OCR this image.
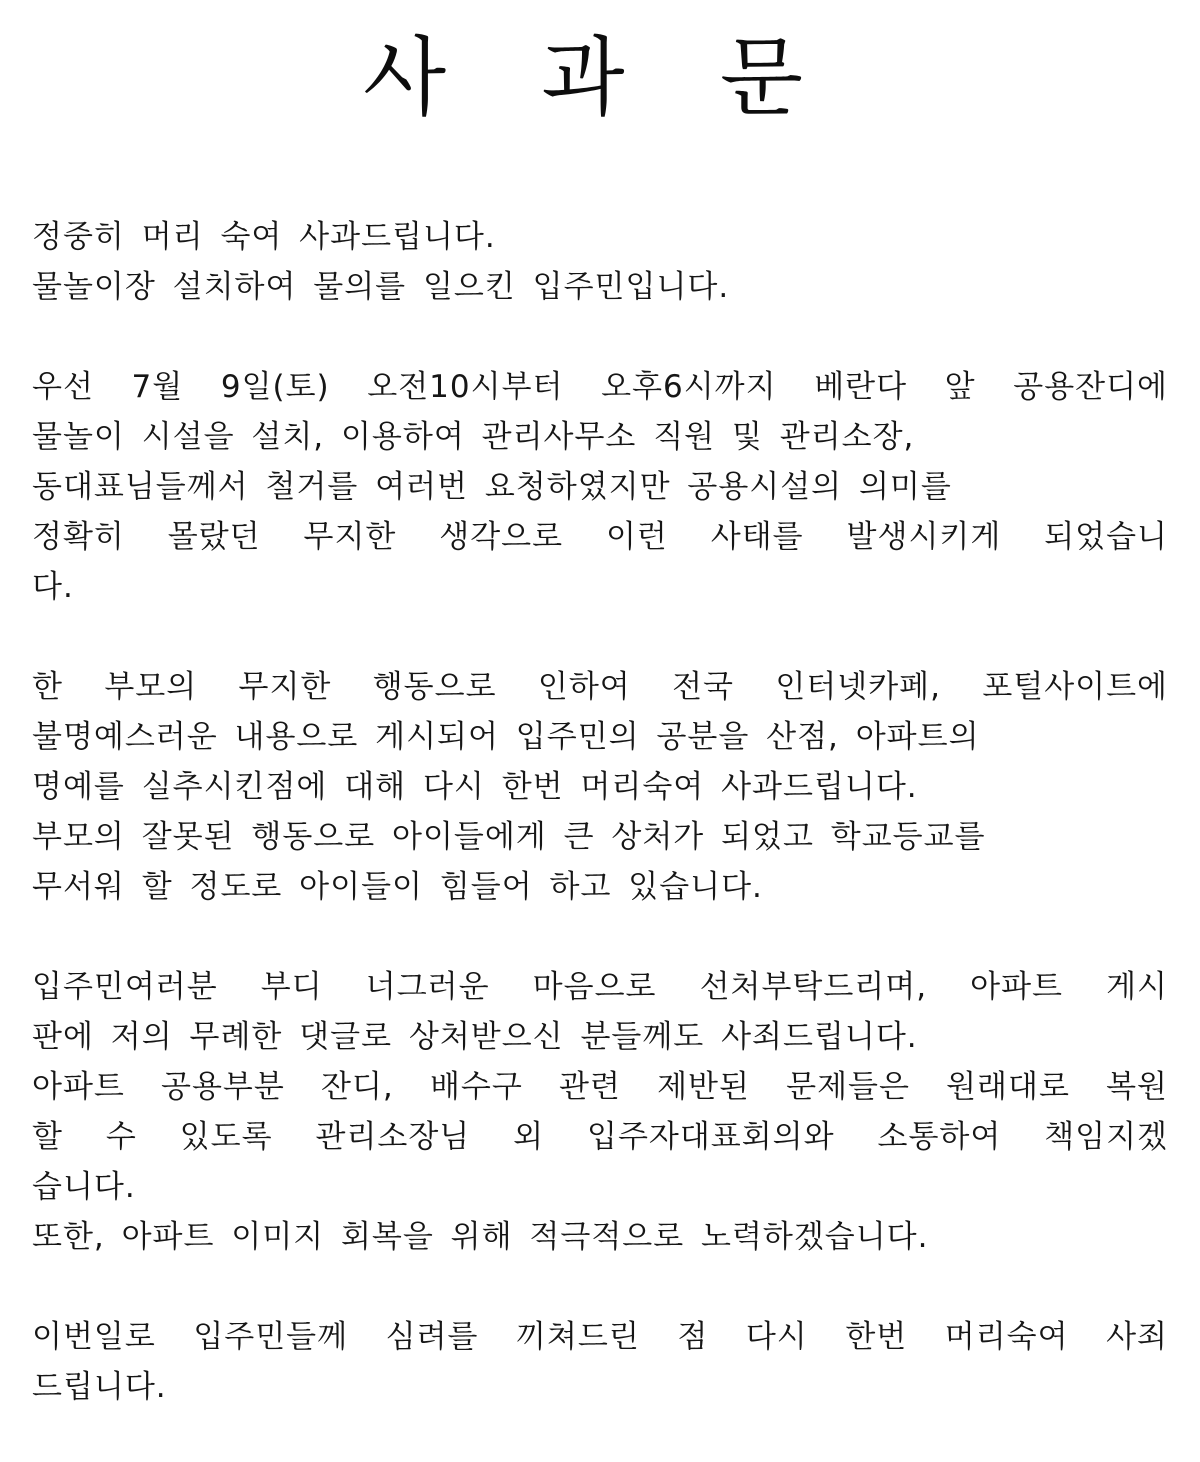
사 과 문
정중히 머리 숙여 사과드립니다.
물놀이장 설치하여 물의를 일으킨 입주민입니다.
우선 7월 9일(토) 오전10시부터 오후6시까지 베란다 앞 공용잔디에
물놀이 시설을 설치, 이용하여 관리사무소 직원 및 관리소장,
동대표님들께서 철거를 여러번 요청하였지만 공용시설의 의미를
정확히 몰랐던 무지한 생각으로 이런 사태를 발생시키게 되었습니
다.
한 부모의 무지한 행동으로 인하여 전국 인터넷카페, 포털사이트에
불명예스러운 내용으로 게시되어 입주민의 공분을 산점, 아파트의
명예를 실추시킨점에 대해 다시 한번 머리숙여 사과드립니다.
부모의 잘못된 행동으로 아이들에게 큰 상처가 되었고 학교등교를
무서워 할 정도로 아이들이 힘들어 하고 있습니다.
입주민여러분 부디 너그러운 마음으로 선처부탁드리며, 아파트 게시
판에 저의 무례한 댓글로 상처받으신 분들께도 사죄드립니다.
아파트 공용부분 잔디, 배수구 관련 제반된 문제들은 원래대로 복원
할 수 있도록 관리소장님 외 입주자대표회의와 소통하여 책임지겠
습니다.
또한, 아파트 이미지 회복을 위해 적극적으로 노력하겠습니다.
이번일로 입주민들께 심려를 끼쳐드린 점 다시 한번 머리숙여 사죄
드립니다.
